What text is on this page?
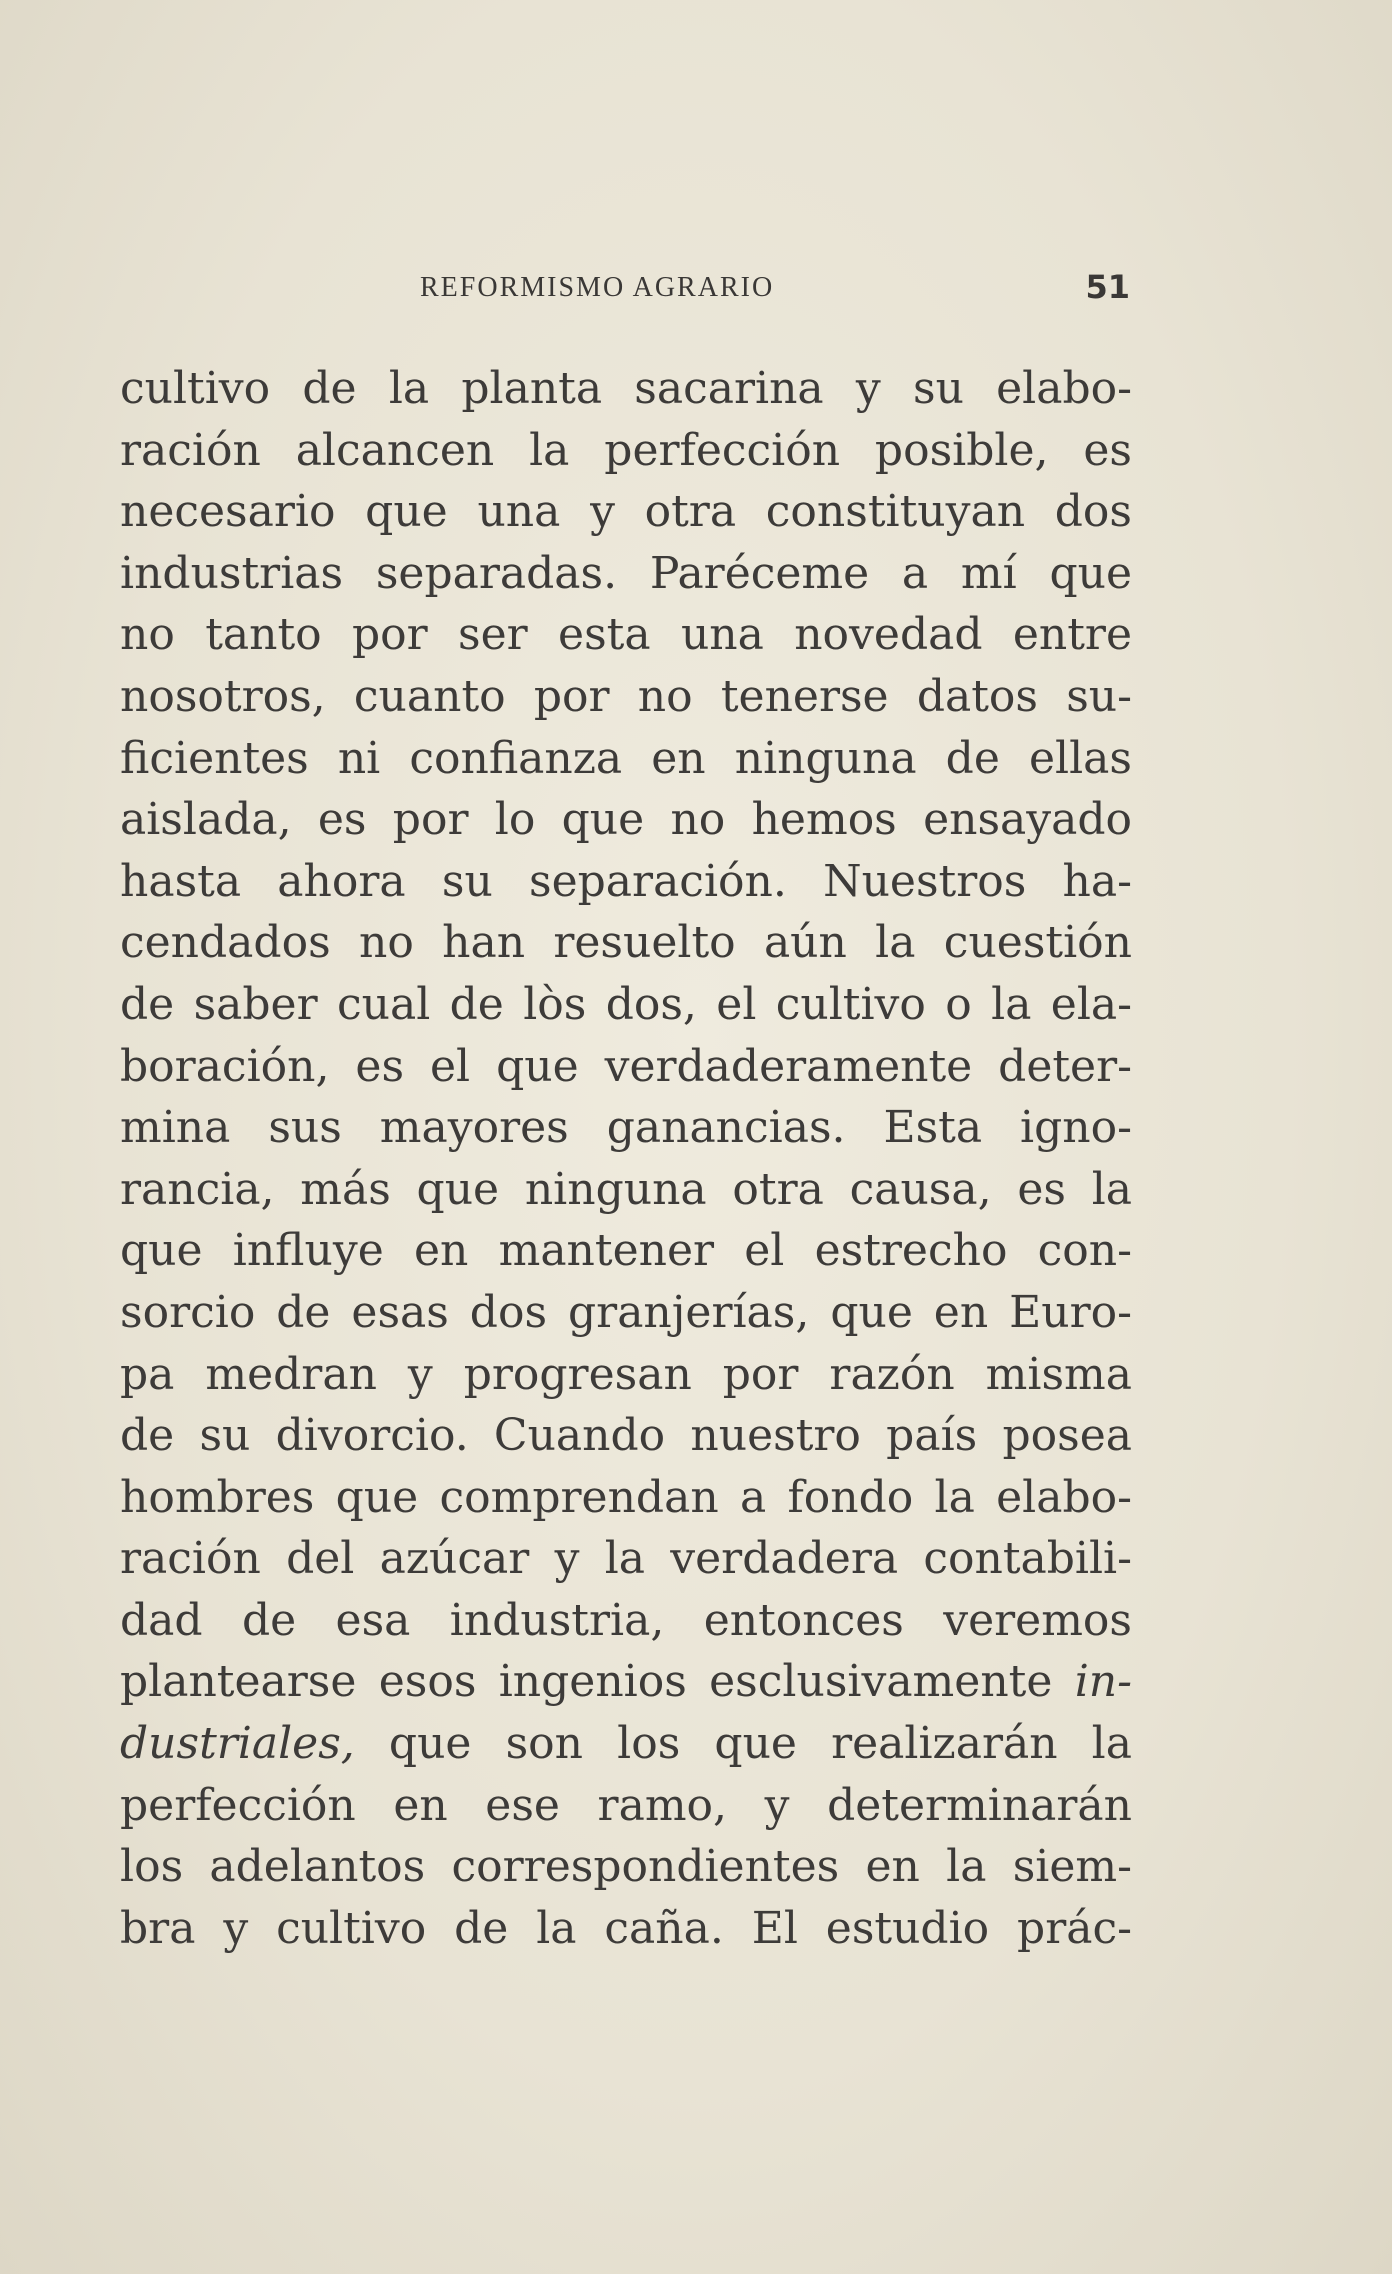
REFORMISMO AGRARIO	51
cultivo de la planta sacarina y su elabo-
ración alcancen la perfección posible, es
necesario que una y otra constituyan dos
industrias separadas. Paréceme a mí que
no tanto por ser esta una novedad entre
nosotros, cuanto por no tenerse datos su-
ficientes ni confianza en ninguna de ellas
aislada, es por lo que no hemos ensayado
hasta ahora su separación. Nuestros ha-
cendados no han resuelto aún la cuestión
de saber cual de lòs dos, el cultivo o la ela-
boración, es el que verdaderamente deter-
mina sus mayores ganancias. Esta igno-
rancia, más que ninguna otra causa, es la
que influye en mantener el estrecho con-
sorcio de esas dos granjerías, que en Euro-
pa medran y progresan por razón misma
de su divorcio. Cuando nuestro país posea
hombres que comprendan a fondo la elabo-
ración del azúcar y la verdadera contabili-
dad de esa industria, entonces veremos
plantearse esos ingenios esclusivamente in-
dustriales, que son los que realizarán la
perfección en ese ramo, y determinarán
los adelantos correspondientes en la siem-
bra y cultivo de la caña. El estudio prác-
